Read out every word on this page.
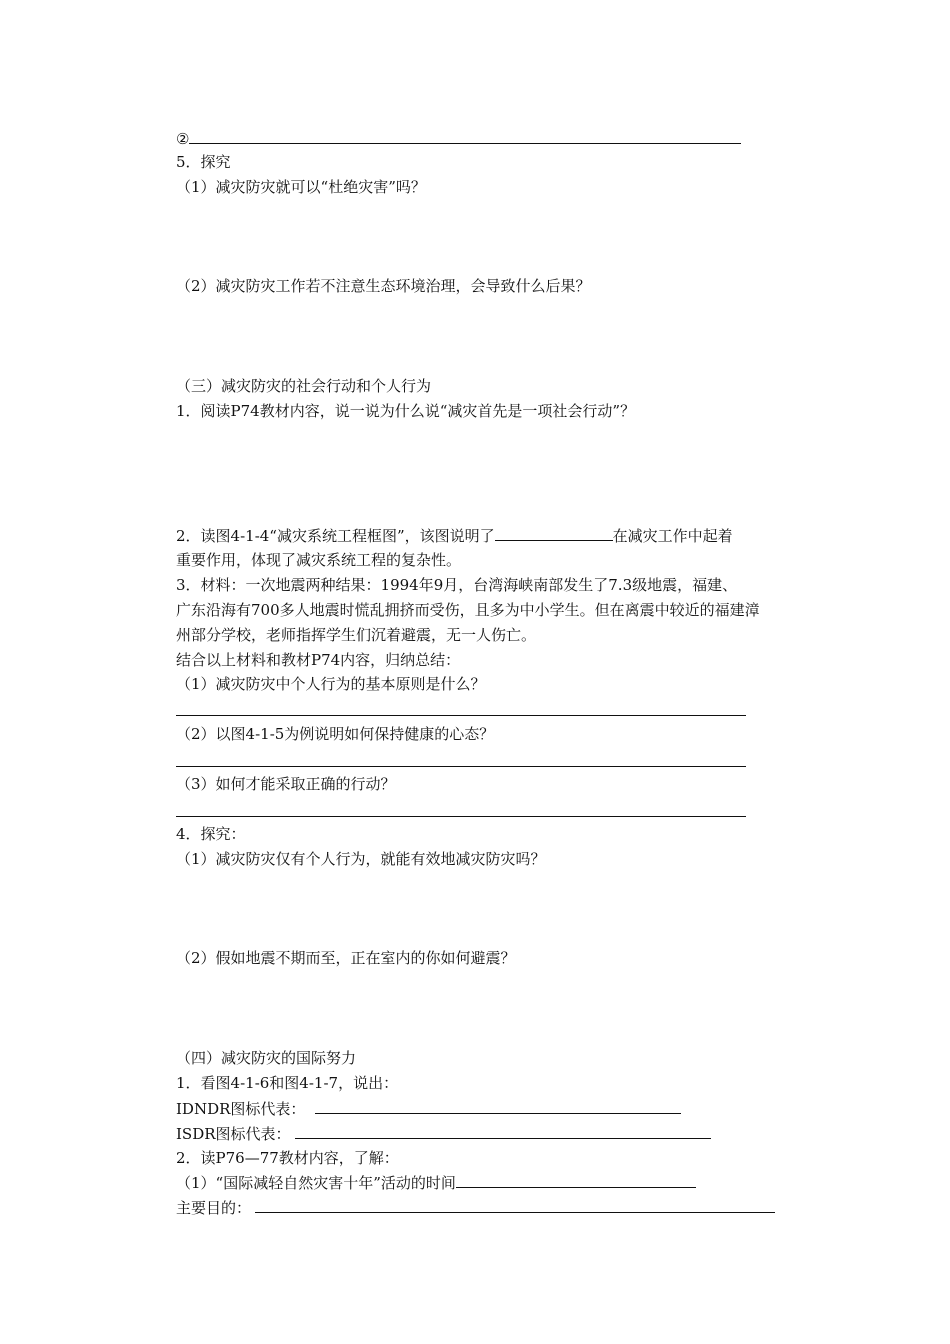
②
5．探究
（1）减灾防灾就可以“杜绝灾害”吗？
（2）减灾防灾工作若不注意生态环境治理，会导致什么后果？
（三）减灾防灾的社会行动和个人行为
1．阅读P74教材内容，说一说为什么说“减灾首先是一项社会行动”？
2．读图4-1-4“减灾系统工程框图”，该图说明了	在减灾工作中起着
重要作用，体现了减灾系统工程的复杂性。
3．材料：一次地震两种结果：1994年9月，台湾海峡南部发生了7.3级地震，福建、
广东沿海有700多人地震时慌乱拥挤而受伤，且多为中小学生。但在离震中较近的福建漳
州部分学校，老师指挥学生们沉着避震，无一人伤亡。
结合以上材料和教材P74内容，归纳总结：
（1）减灾防灾中个人行为的基本原则是什么？
（2）以图4-1-5为例说明如何保持健康的心态？
（3）如何才能采取正确的行动？
4．探究：
（1）减灾防灾仅有个人行为，就能有效地减灾防灾吗？
（2）假如地震不期而至，正在室内的你如何避震？
（四）减灾防灾的国际努力
1．看图4-1-6和图4-1-7，说出：
IDNDR图标代表：
ISDR图标代表：
2．读P76—77教材内容，了解：
（1）“国际减轻自然灾害十年”活动的时间
主要目的：
